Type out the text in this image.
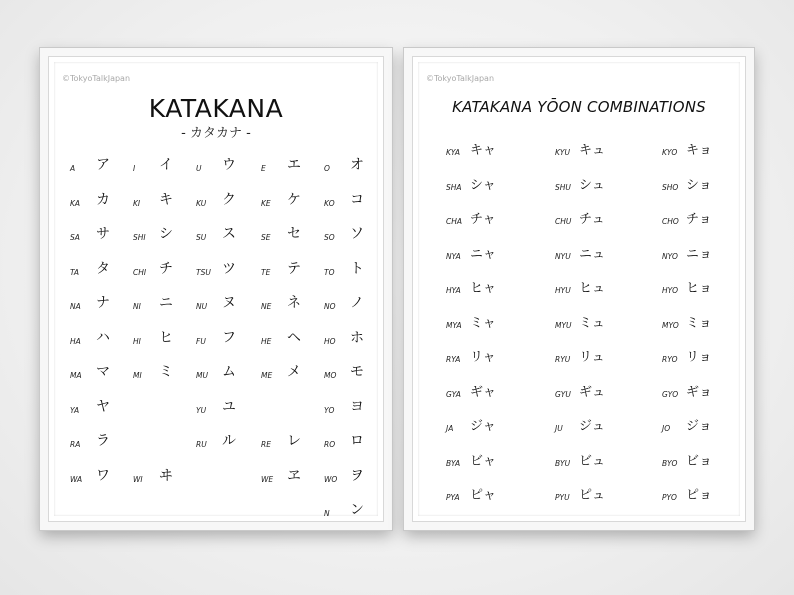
©TokyoTalkJapan
KATAKANA
- カタカナ -
A ア	I イ	U ウ	E エ	O オ
KA カ	KI キ	KU ク	KE ケ	KO コ
SA サ	SHI シ	SU ス	SE セ	SO ソ
TA タ	CHI チ	TSU ツ	TE テ	TO ト
NA ナ	NI ニ	NU ヌ	NE ネ	NO ノ
HA ハ	HI ヒ	FU フ	HE ヘ	HO ホ
MA マ	MI ミ	MU ム	ME メ	MO モ
YA ヤ	YU ユ	YO ヨ
RA ラ	RU ル	RE レ	RO ロ
WA ワ	WI ヰ	WE ヱ	WO ヲ
N ン
©TokyoTalkJapan
KATAKANA YŌON COMBINATIONS
KYA キャ	KYU キュ	KYO キョ
SHA シャ	SHU シュ	SHO ショ
CHA チャ	CHU チュ	CHO チョ
NYA ニャ	NYU ニュ	NYO ニョ
HYA ヒャ	HYU ヒュ	HYO ヒョ
MYA ミャ	MYU ミュ	MYO ミョ
RYA リャ	RYU リュ	RYO リョ
GYA ギャ	GYU ギュ	GYO ギョ
JA ジャ	JU ジュ	JO ジョ
BYA ビャ	BYU ビュ	BYO ビョ
PYA ピャ	PYU ピュ	PYO ピョ
